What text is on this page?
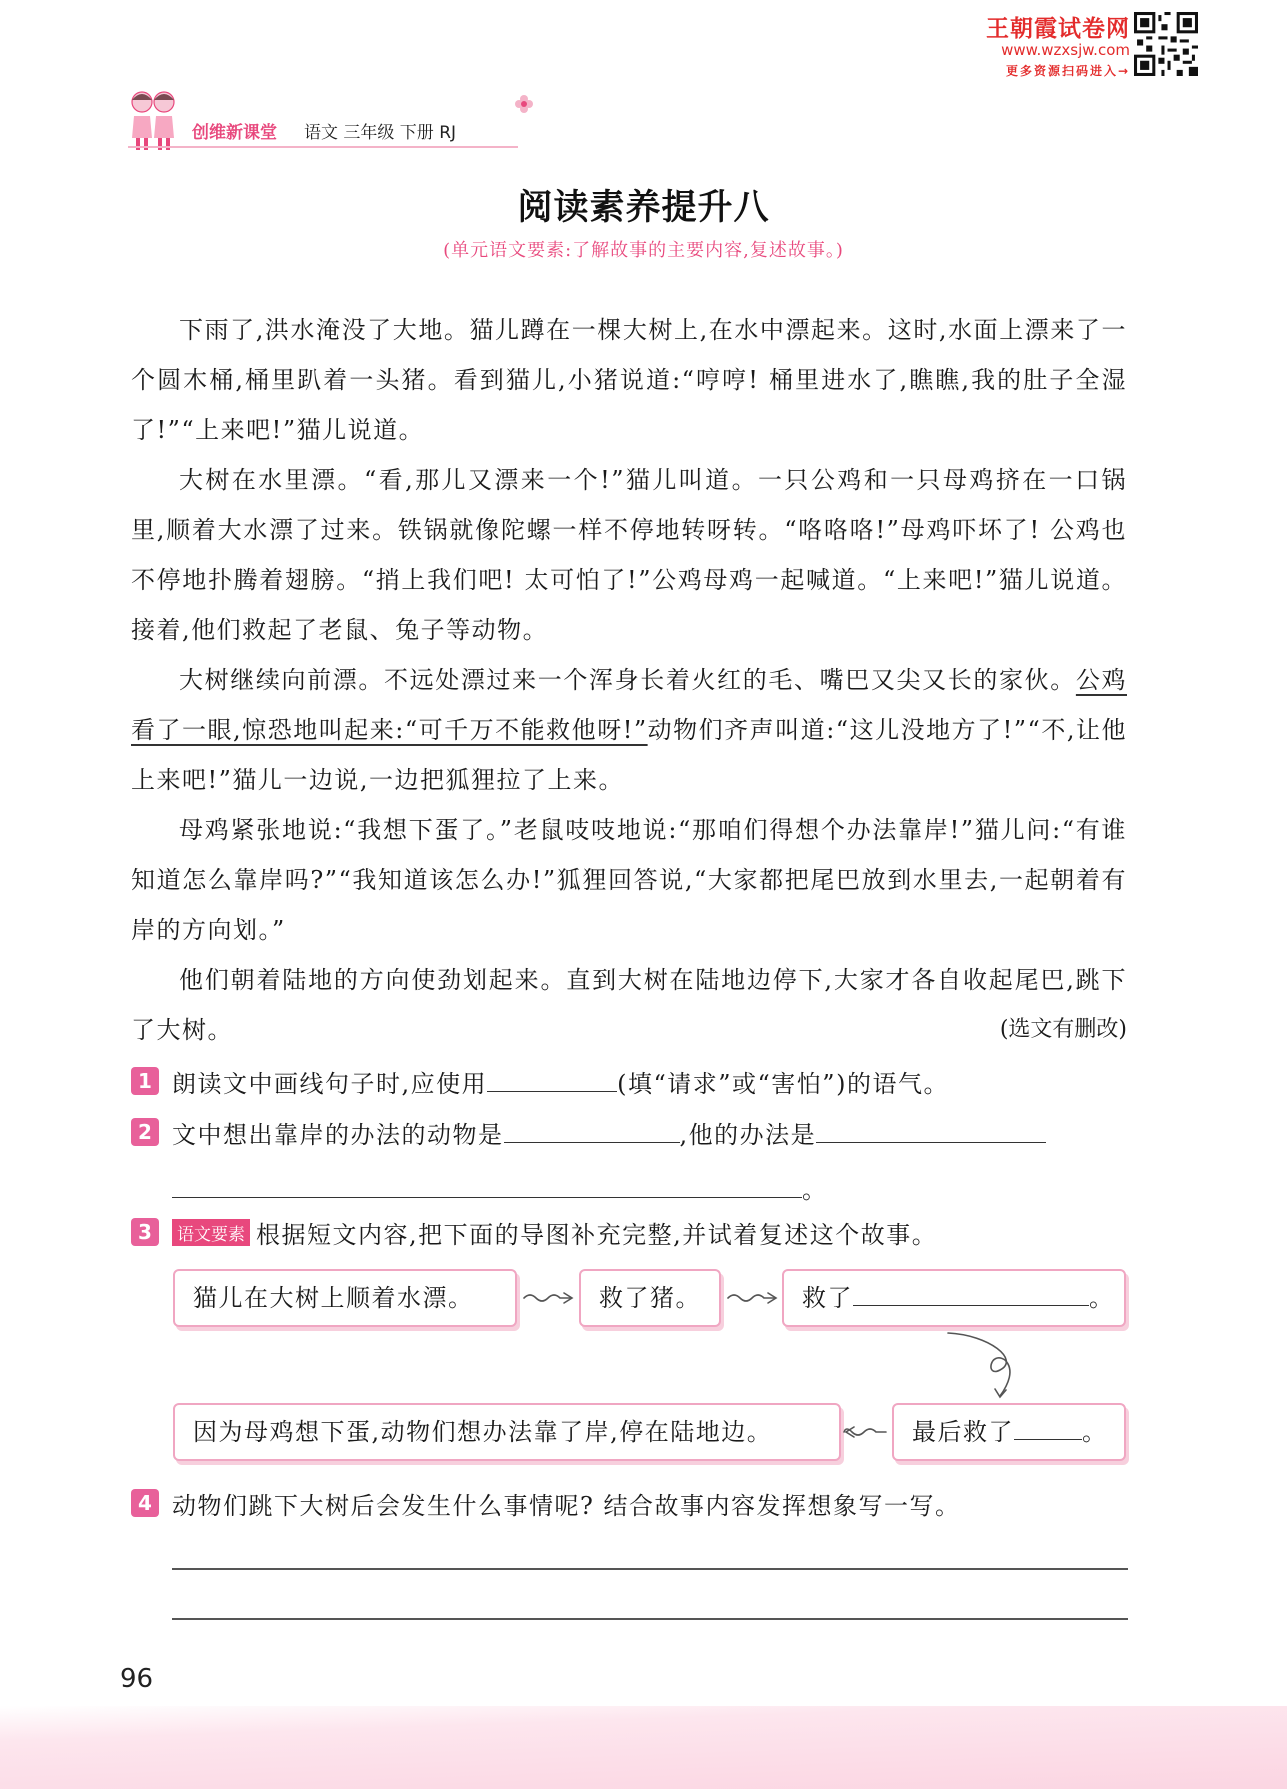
王朝霞试卷网
www.wzxsjw.com
更多资源扫码进入→
创维新课堂 语文 三年级 下册 RJ
阅读素养提升八
(单元语文要素:了解故事的主要内容,复述故事。)

下雨了,洪水淹没了大地。猫儿蹲在一棵大树上,在水中漂起来。这时,水面上漂来了一个圆木桶,桶里趴着一头猪。看到猫儿,小猪说道:“哼哼! 桶里进水了,瞧瞧,我的肚子全湿了!”“上来吧!”猫儿说道。

大树在水里漂。“看,那儿又漂来一个!”猫儿叫道。一只公鸡和一只母鸡挤在一口锅里,顺着大水漂了过来。铁锅就像陀螺一样不停地转呀转。“咯咯咯!”母鸡吓坏了! 公鸡也不停地扑腾着翅膀。“捎上我们吧! 太可怕了!”公鸡母鸡一起喊道。“上来吧!”猫儿说道。接着,他们救起了老鼠、兔子等动物。

大树继续向前漂。不远处漂过来一个浑身长着火红的毛、嘴巴又尖又长的家伙。公鸡看了一眼,惊恐地叫起来:“可千万不能救他呀!”动物们齐声叫道:“这儿没地方了!”“不,让他上来吧!”猫儿一边说,一边把狐狸拉了上来。

母鸡紧张地说:“我想下蛋了。”老鼠吱吱地说:“那咱们得想个办法靠岸!”猫儿问:“有谁知道怎么靠岸吗?”“我知道该怎么办!”狐狸回答说,“大家都把尾巴放到水里去,一起朝着有岸的方向划。”

他们朝着陆地的方向使劲划起来。直到大树在陆地边停下,大家才各自收起尾巴,跳下了大树。	(选文有删改)

1 朗读文中画线句子时,应使用	(填“请求”或“害怕”)的语气。
2 文中想出靠岸的办法的动物是	,他的办法是
。
3	语文要素 根据短文内容,把下面的导图补充完整,并试着复述这个故事。
猫儿在大树上顺着水漂。	救了猪。	救了	。
最后救了	。
因为母鸡想下蛋,动物们想办法靠了岸,停在陆地边。
4 动物们跳下大树后会发生什么事情呢? 结合故事内容发挥想象写一写。
96
